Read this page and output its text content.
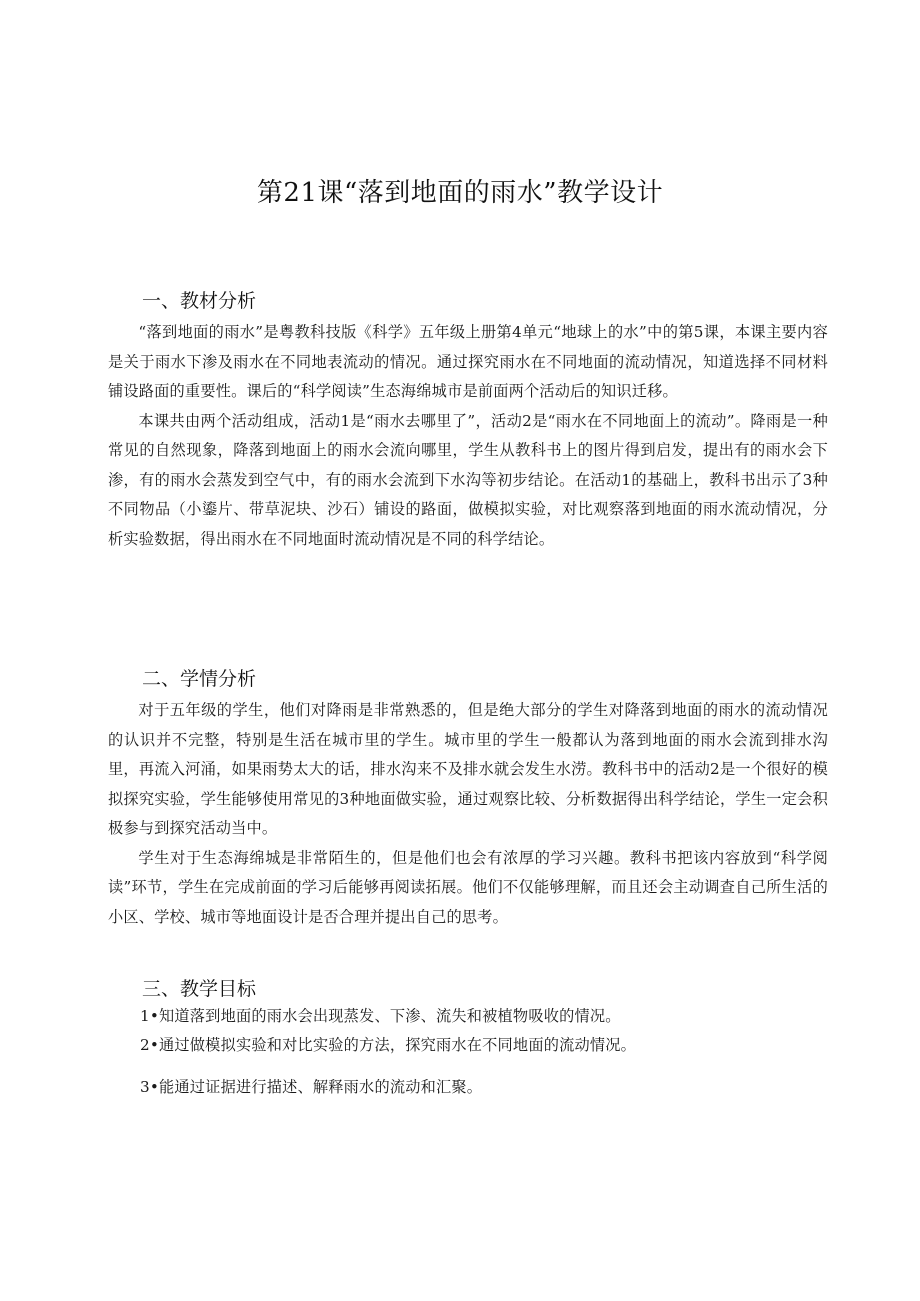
第21课“落到地面的雨水”教学设计
一、教材分析

“落到地面的雨水”是粤教科技版《科学》五年级上册第4单元“地球上的水”中的第5课，本课主要内容是关于雨水下渗及雨水在不同地表流动的情况。通过探究雨水在不同地面的流动情况，知道选择不同材料铺设路面的重要性。课后的“科学阅读”生态海绵城市是前面两个活动后的知识迁移。

本课共由两个活动组成，活动1是“雨水去哪里了”，活动2是“雨水在不同地面上的流动”。降雨是一种常见的自然现象，降落到地面上的雨水会流向哪里，学生从教科书上的图片得到启发，提出有的雨水会下渗，有的雨水会蒸发到空气中，有的雨水会流到下水沟等初步结论。在活动1的基础上，教科书出示了3种不同物品（小鎏片、带草泥块、沙石）铺设的路面，做模拟实验，对比观察落到地面的雨水流动情况，分析实验数据，得出雨水在不同地面时流动情况是不同的科学结论。

二、学情分析

对于五年级的学生，他们对降雨是非常熟悉的，但是绝大部分的学生对降落到地面的雨水的流动情况的认识并不完整，特别是生活在城市里的学生。城市里的学生一般都认为落到地面的雨水会流到排水沟里，再流入河涌，如果雨势太大的话，排水沟来不及排水就会发生水涝。教科书中的活动2是一个很好的模拟探究实验，学生能够使用常见的3种地面做实验，通过观察比较、分析数据得出科学结论，学生一定会积极参与到探究活动当中。

学生对于生态海绵城是非常陌生的，但是他们也会有浓厚的学习兴趣。教科书把该内容放到“科学阅读”环节，学生在完成前面的学习后能够再阅读拓展。他们不仅能够理解，而且还会主动调查自己所生活的小区、学校、城市等地面设计是否合理并提出自己的思考。

三、教学目标

1•知道落到地面的雨水会出现蒸发、下渗、流失和被植物吸收的情况。

2•通过做模拟实验和对比实验的方法，探究雨水在不同地面的流动情况。

3•能通过证据进行描述、解释雨水的流动和汇聚。
